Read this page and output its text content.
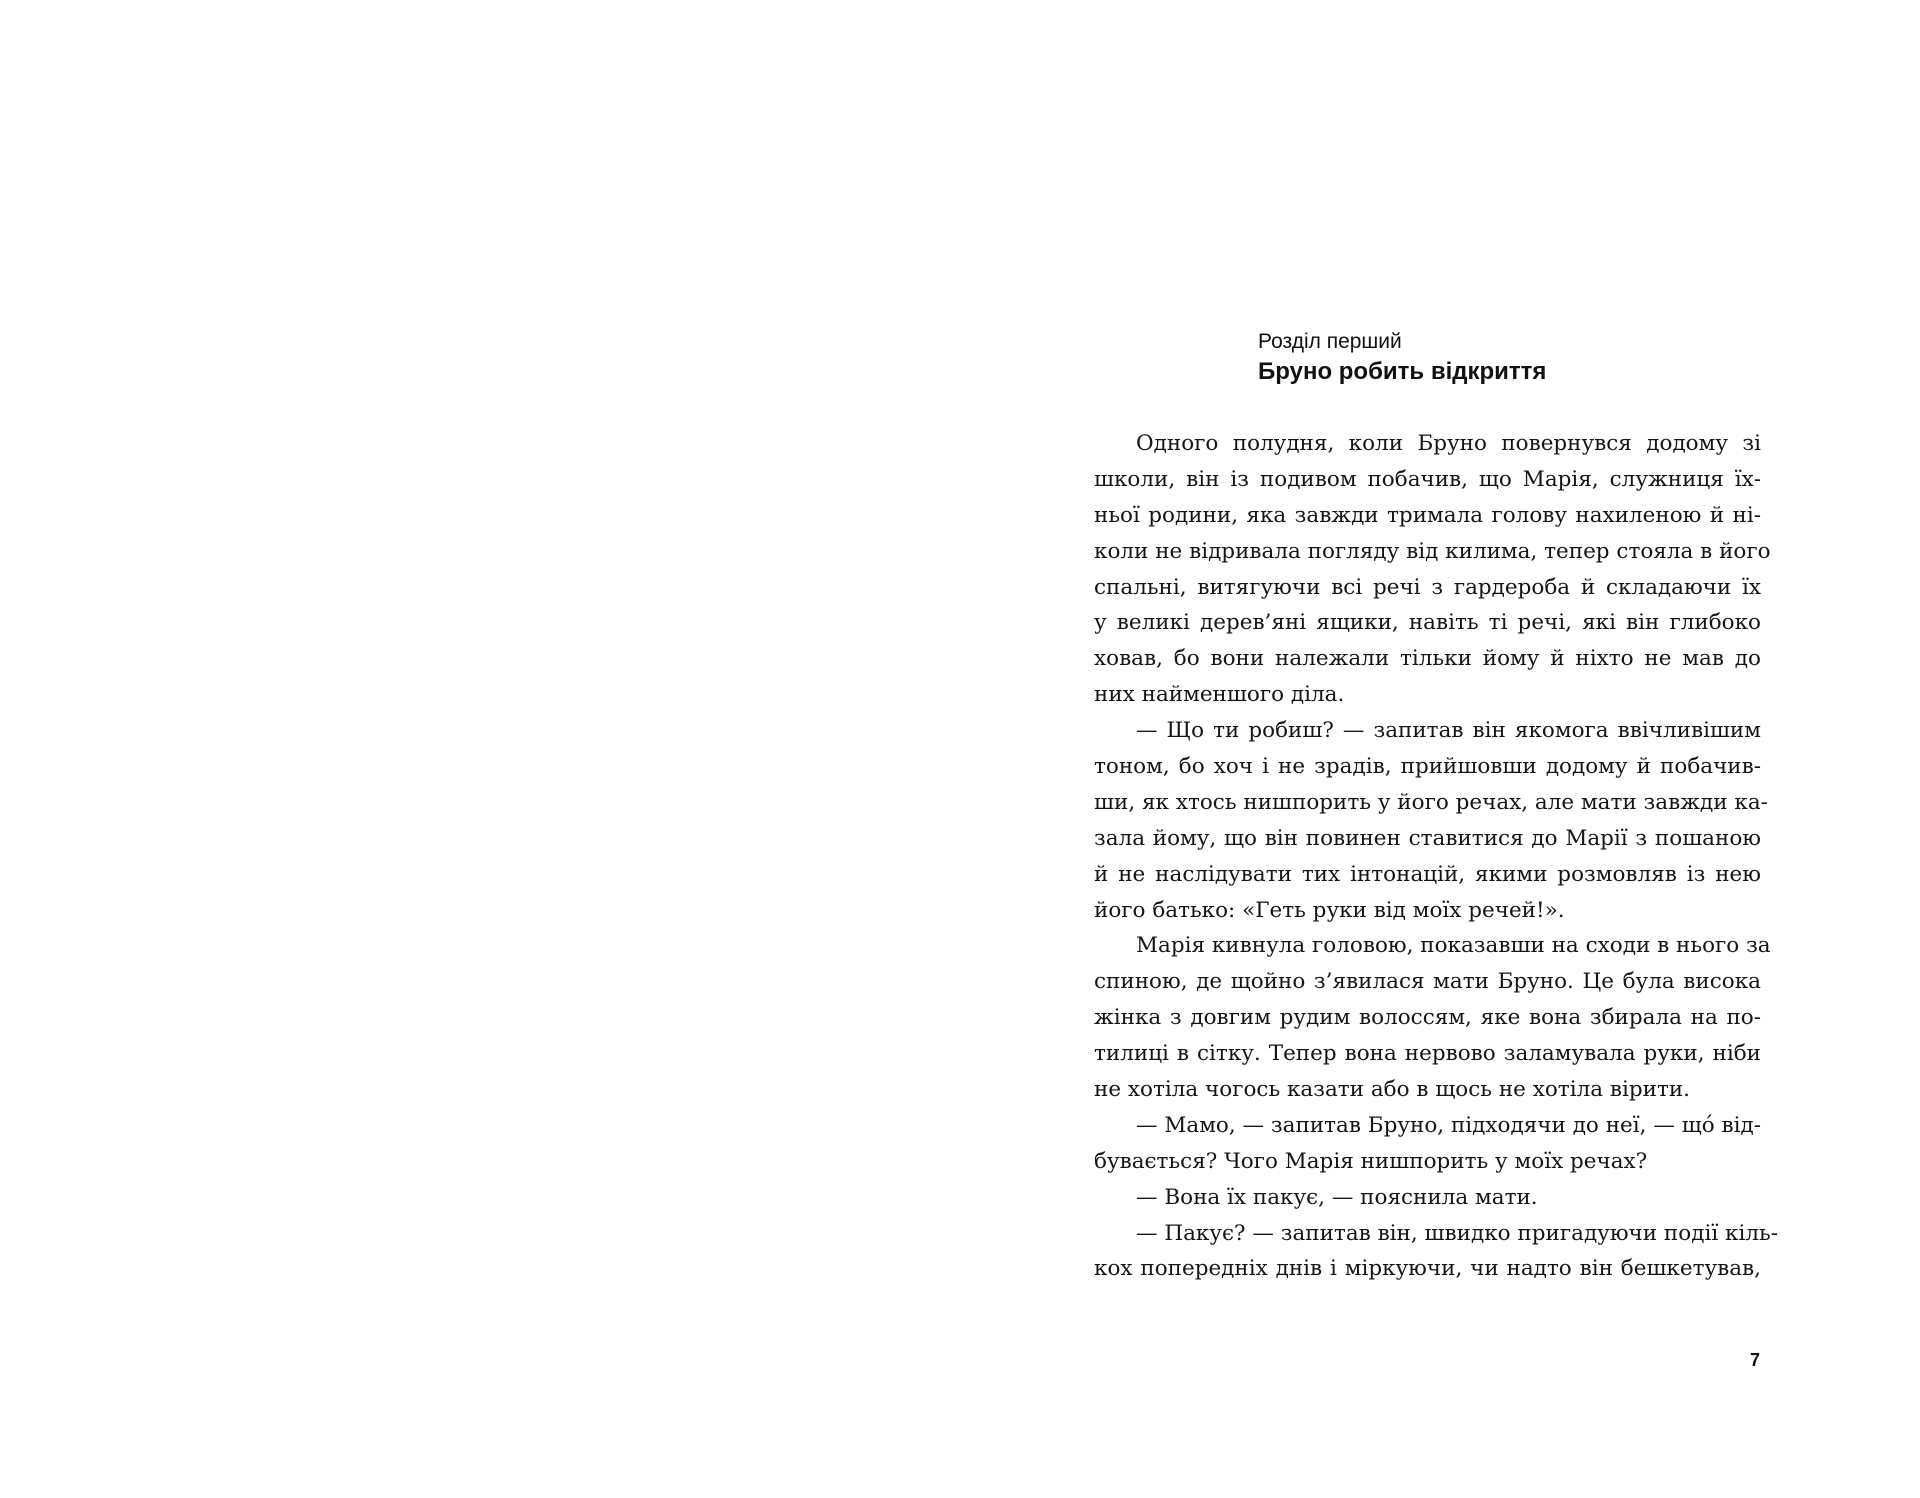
Розділ перший
Бруно робить відкриття
Одного полудня, коли Бруно повернувся додому зі
школи, він із подивом побачив, що Марія, служниця їх-
ньої родини, яка завжди тримала голову нахиленою й ні-
коли не відривала погляду від килима, тепер стояла в його
спальні, витягуючи всі речі з гардероба й складаючи їх
у великі дерев’яні ящики, навіть ті речі, які він глибоко
ховав, бо вони належали тільки йому й ніхто не мав до
них найменшого діла.
— Що ти робиш? — запитав він якомога ввічливішим
тоном, бо хоч і не зрадів, прийшовши додому й побачив-
ши, як хтось нишпорить у його речах, але мати завжди ка-
зала йому, що він повинен ставитися до Марії з пошаною
й не наслідувати тих інтонацій, якими розмовляв із нею
його батько: «Геть руки від моїх речей!».
Марія кивнула головою, показавши на сходи в нього за
спиною, де щойно з’явилася мати Бруно. Це була висока
жінка з довгим рудим волоссям, яке вона збирала на по-
тилиці в сітку. Тепер вона нервово заламувала руки, ніби
не хотіла чогось казати або в щось не хотіла вірити.
— Мамо, — запитав Бруно, підходячи до неї, — що́ від-
бувається? Чого Марія нишпорить у моїх речах?
— Вона їх пакує, — пояснила мати.
— Пакує? — запитав він, швидко пригадуючи події кіль-
кох попередніх днів і міркуючи, чи надто він бешкетував,
7
